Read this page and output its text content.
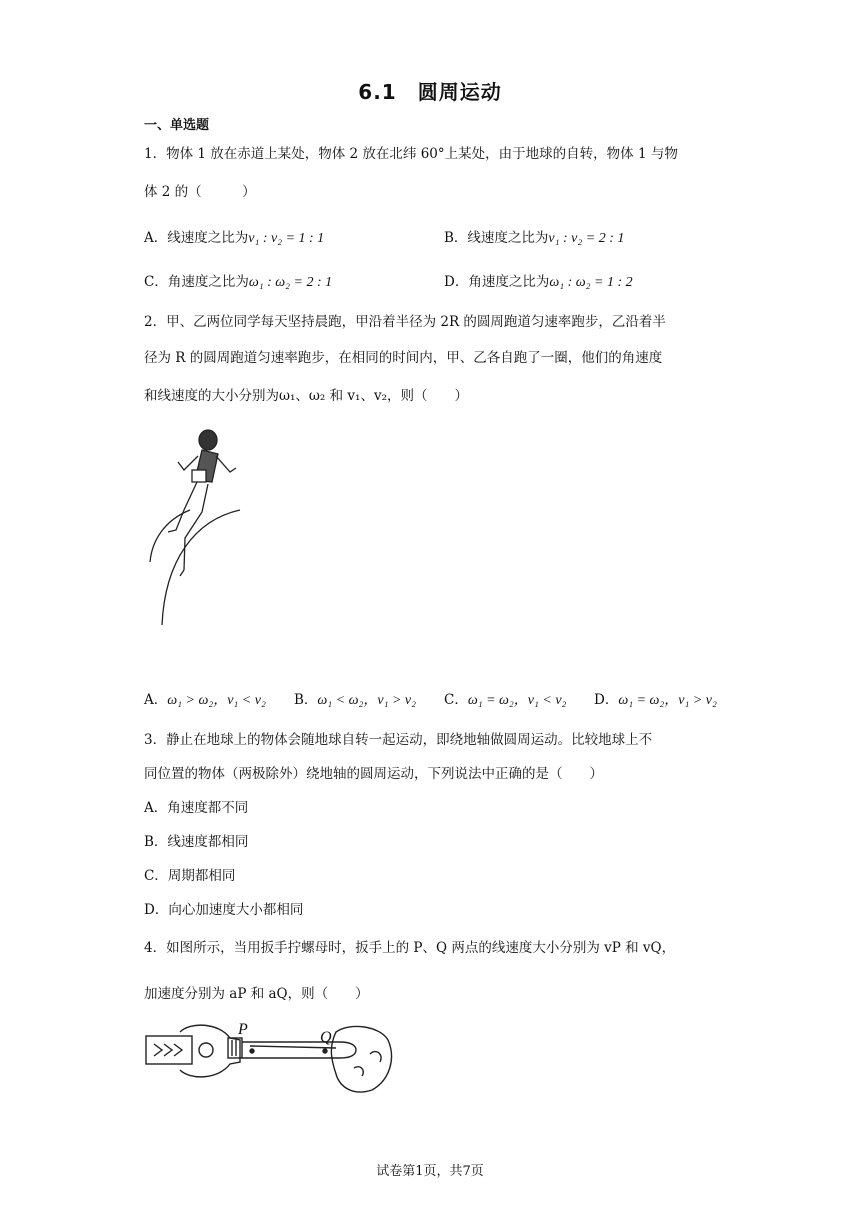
6.1　圆周运动
一、单选题
1．物体 1 放在赤道上某处，物体 2 放在北纬 60°上某处，由于地球的自转，物体 1 与物
体 2 的（　　　）
A．线速度之比为v₁ : v₂ = 1 : 1	B．线速度之比为v₁ : v₂ = 2 : 1
C．角速度之比为ω₁ : ω₂ = 2 : 1	D．角速度之比为ω₁ : ω₂ = 1 : 2
2．甲、乙两位同学每天坚持晨跑，甲沿着半径为 2R 的圆周跑道匀速率跑步，乙沿着半
径为 R 的圆周跑道匀速率跑步，在相同的时间内，甲、乙各自跑了一圈，他们的角速度
和线速度的大小分别为ω₁、ω₂ 和 v₁、v₂，则（　　）
A．ω₁ > ω₂，v₁ < v₂ B．ω₁ < ω₂，v₁ > v₂ C．ω₁ = ω₂，v₁ < v₂ D．ω₁ = ω₂，v₁ > v₂
3．静止在地球上的物体会随地球自转一起运动，即绕地轴做圆周运动。比较地球上不
同位置的物体（两极除外）绕地轴的圆周运动，下列说法中正确的是（　　）
A．角速度都不同
B．线速度都相同
C．周期都相同
D．向心加速度大小都相同
4．如图所示，当用扳手拧螺母时，扳手上的 P、Q 两点的线速度大小分别为 vP 和 vQ，
加速度分别为 aP 和 aQ，则（　　）
P	Q
试卷第1页，共7页
